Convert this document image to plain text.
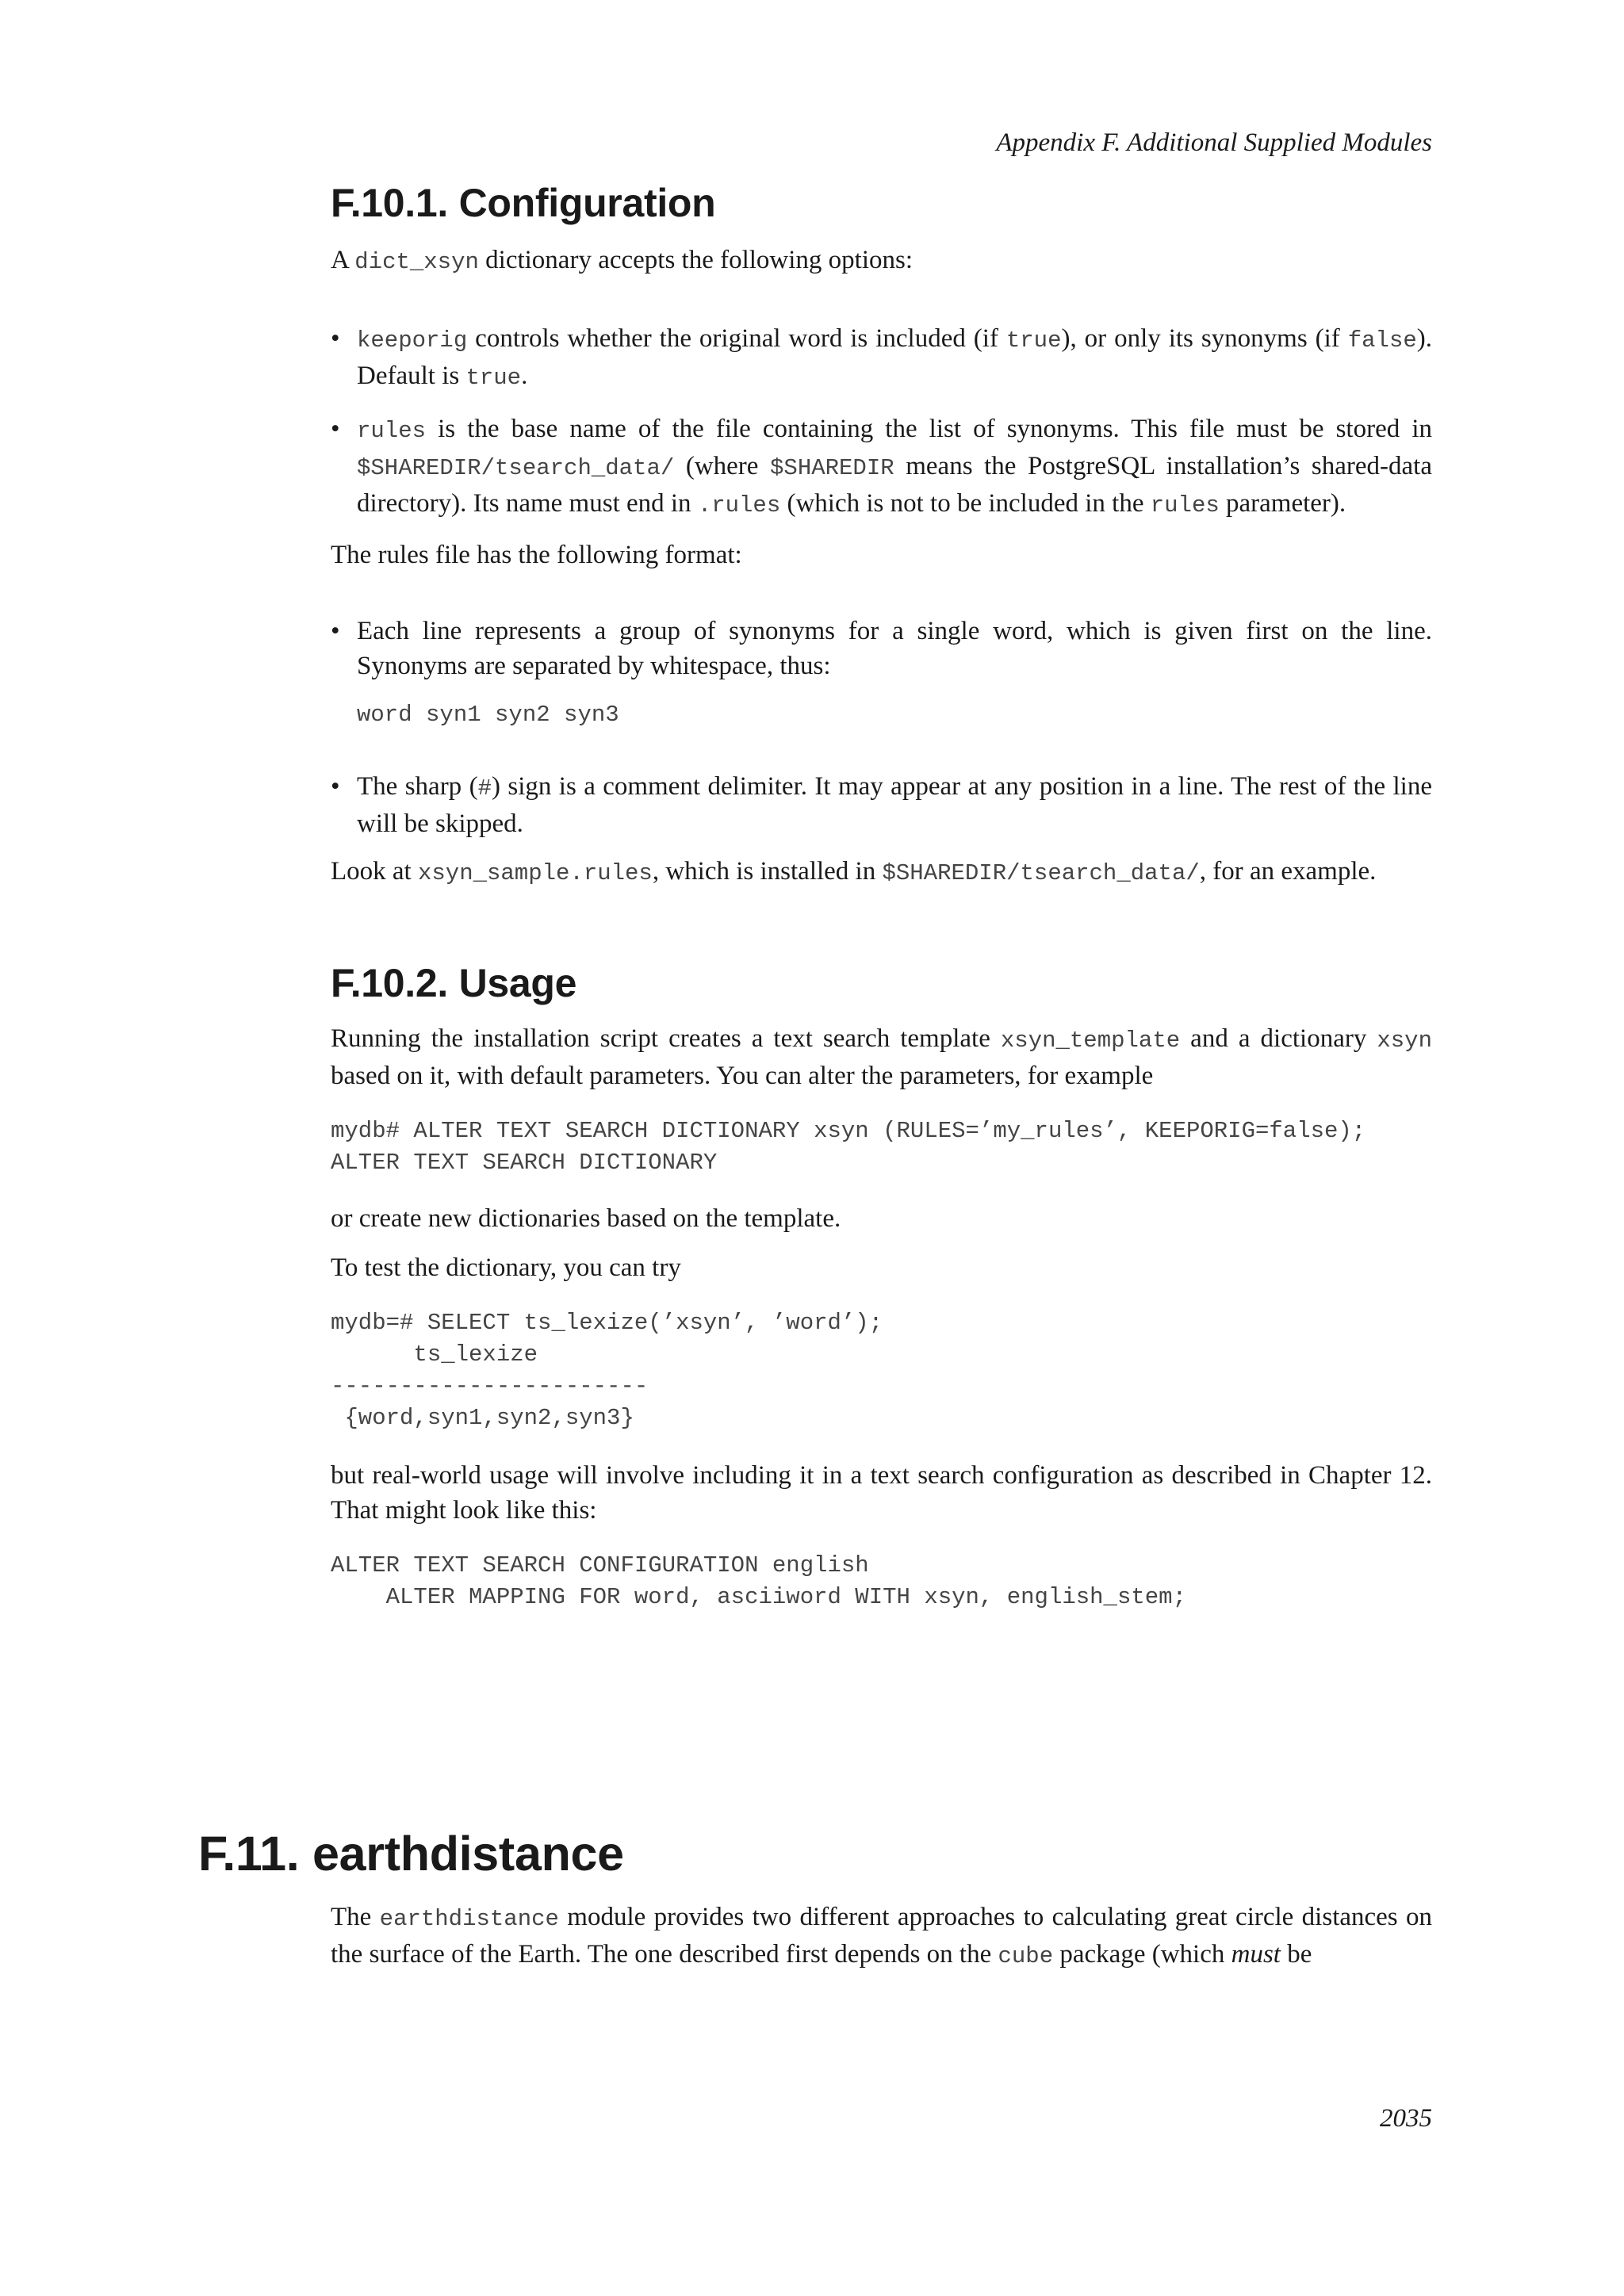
Appendix F. Additional Supplied Modules
F.10.1. Configuration

A dict_xsyn dictionary accepts the following options:

• keeporig controls whether the original word is included (if true), or only its synonyms (if false). Default is true.

• rules is the base name of the file containing the list of synonyms. This file must be stored in $SHAREDIR/tsearch_data/ (where $SHAREDIR means the PostgreSQL installation’s shared-data directory). Its name must end in .rules (which is not to be included in the rules parameter).

The rules file has the following format:

• Each line represents a group of synonyms for a single word, which is given first on the line. Synonyms are separated by whitespace, thus:

word syn1 syn2 syn3
• The sharp (#) sign is a comment delimiter. It may appear at any position in a line. The rest of the line will be skipped.

Look at xsyn_sample.rules, which is installed in $SHAREDIR/tsearch_data/, for an example.

F.10.2. Usage

Running the installation script creates a text search template xsyn_template and a dictionary xsyn based on it, with default parameters. You can alter the parameters, for example

mydb# ALTER TEXT SEARCH DICTIONARY xsyn (RULES=’my_rules’, KEEPORIG=false);
ALTER TEXT SEARCH DICTIONARY

or create new dictionaries based on the template.

To test the dictionary, you can try

mydb=# SELECT ts_lexize(’xsyn’, ’word’);
ts_lexize
-----------------------
{word,syn1,syn2,syn3}

but real-world usage will involve including it in a text search configuration as described in Chapter 12. That might look like this:

ALTER TEXT SEARCH CONFIGURATION english
ALTER MAPPING FOR word, asciiword WITH xsyn, english_stem;
F.11. earthdistance

The earthdistance module provides two different approaches to calculating great circle distances on the surface of the Earth. The one described first depends on the cube package (which must be

2035
